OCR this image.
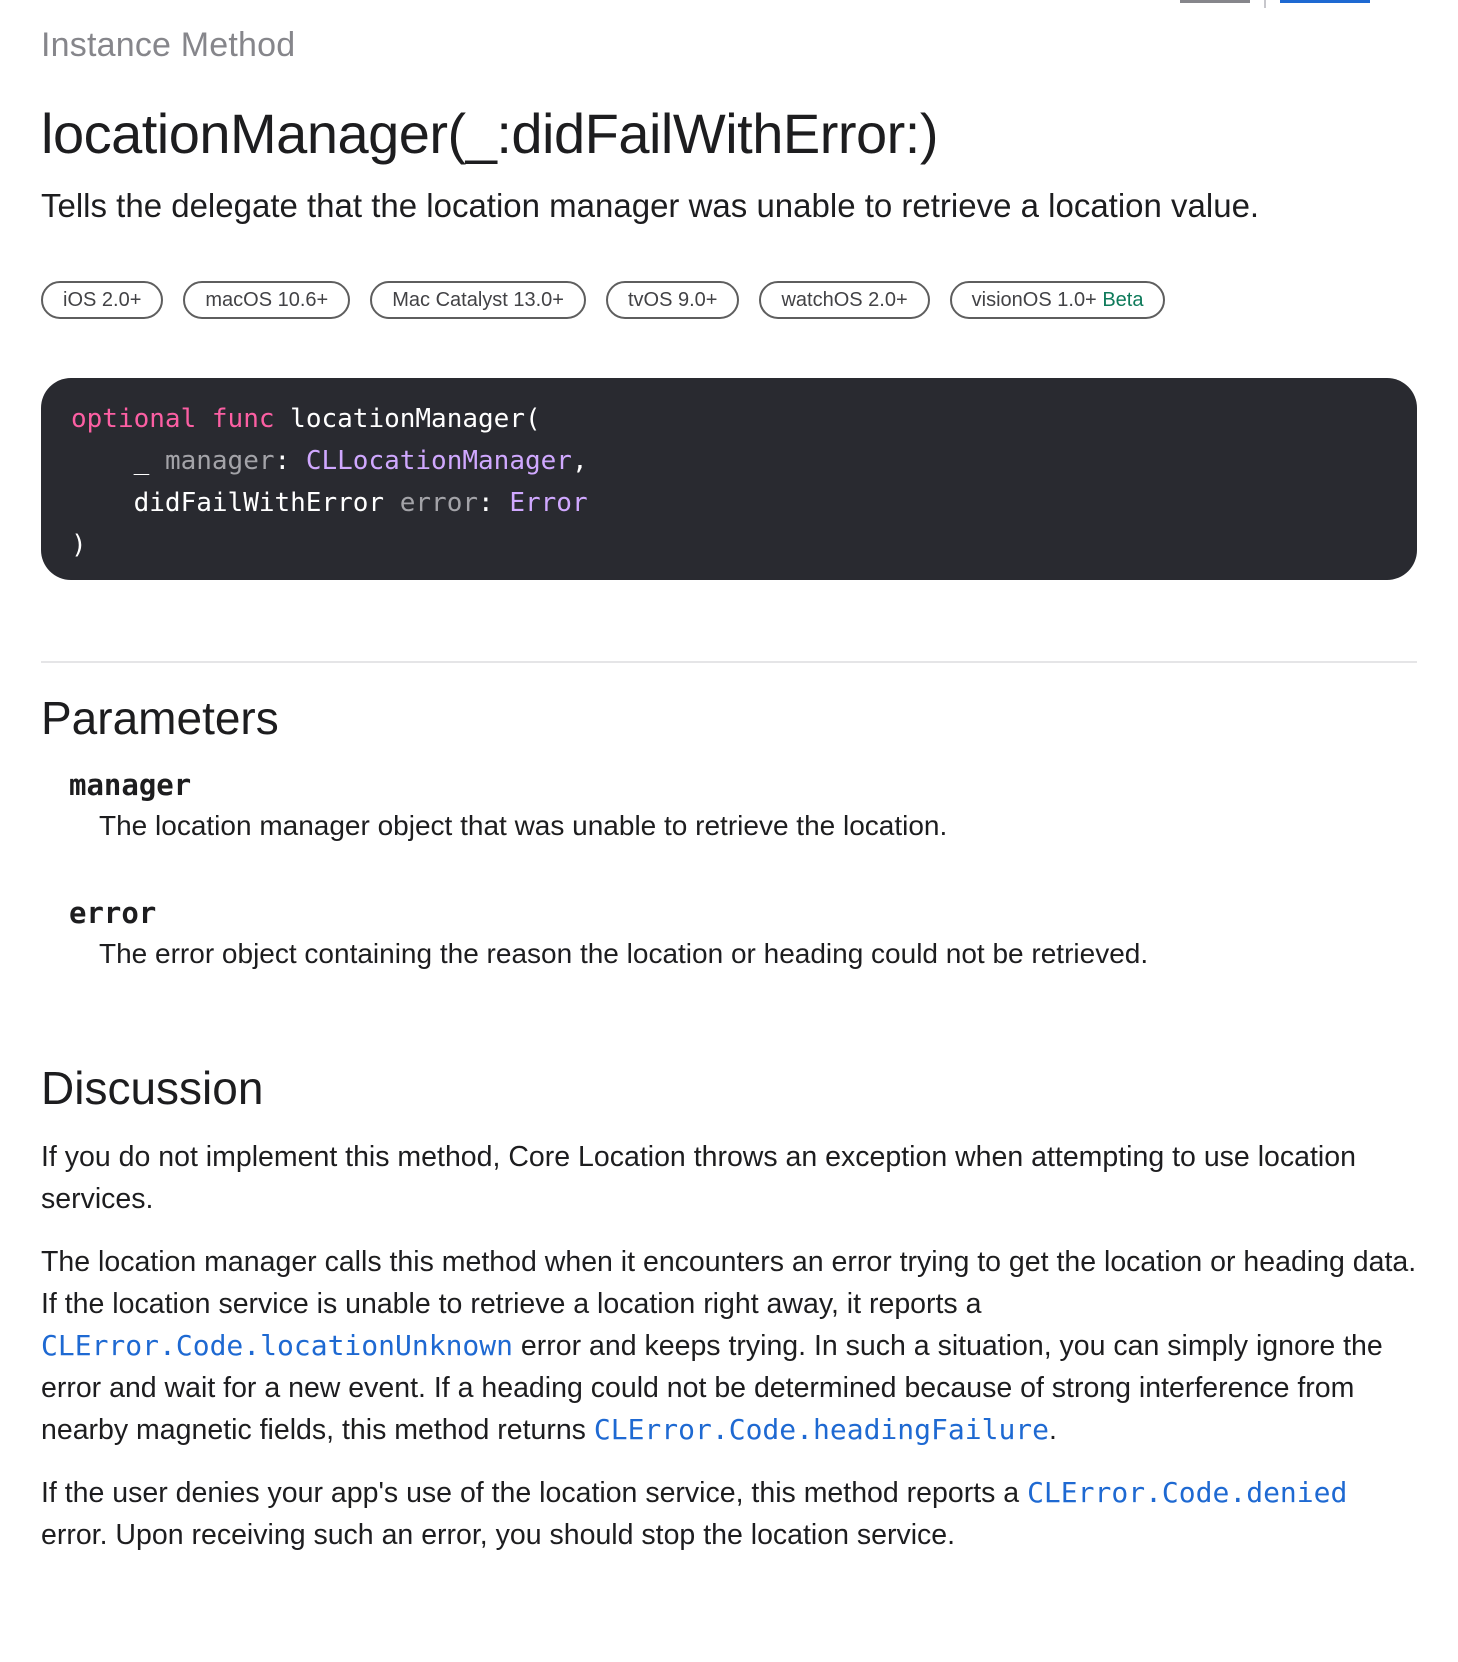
Instance Method
locationManager(_:didFailWithError:)

Tells the delegate that the location manager was unable to retrieve a location value.

iOS 2.0+	macOS 10.6+	Mac Catalyst 13.0+	tvOS 9.0+	watchOS 2.0+	visionOS 1.0+ Beta
optional func locationManager(
_ manager: CLLocationManager,
didFailWithError error: Error
)
Parameters
manager
The location manager object that was unable to retrieve the location.
error
The error object containing the reason the location or heading could not be retrieved.
Discussion

If you do not implement this method, Core Location throws an exception when attempting to use location services.

The location manager calls this method when it encounters an error trying to get the location or heading data. If the location service is unable to retrieve a location right away, it reports a CLError.Code.locationUnknown error and keeps trying. In such a situation, you can simply ignore the error and wait for a new event. If a heading could not be determined because of strong interference from nearby magnetic fields, this method returns CLError.Code.headingFailure.

If the user denies your app's use of the location service, this method reports a CLError.Code.denied error. Upon receiving such an error, you should stop the location service.
